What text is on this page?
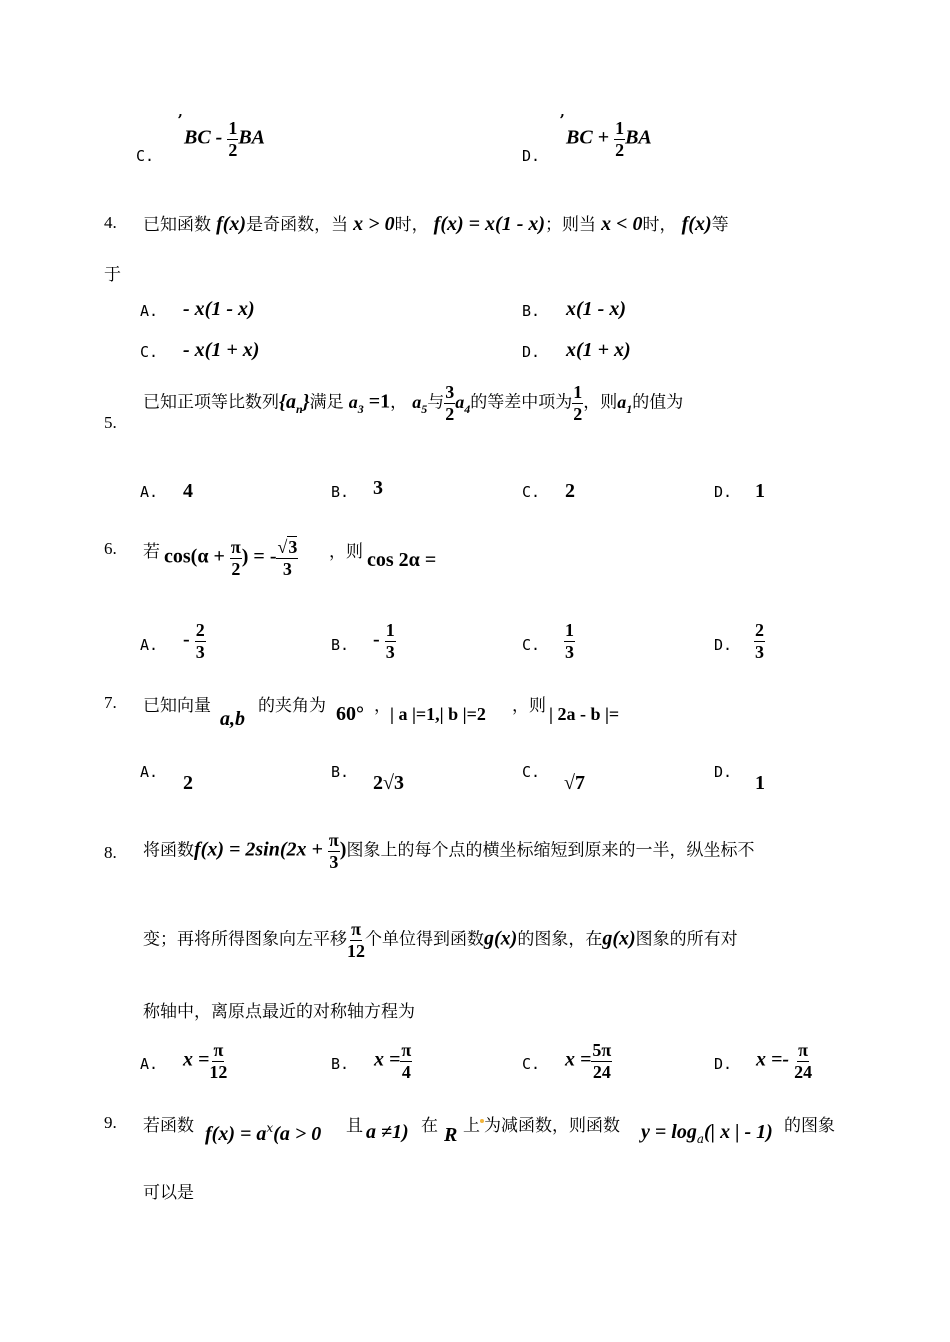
,
C.
BC - $\frac{1}{2}$ BA
,
D.
BC + $\frac{1}{2}$ BA
4. 已知函数 f(x)是奇函数，当 x > 0时， f(x) = x(1 - x)；则当 x < 0时， f(x)等
于
A. - x(1 - x)	B. x(1 - x)
C. - x(1 + x)	D. x(1 + x)
5.
已知正项等比数列$\{a_n\}$满足 $a_3 =1$， $a_5$与 $\frac{3}{2} a_4$的等差中项为 $\frac{1}{2}$ ，则$a_1$的值为
A. 4	B. 3	C. 2	D. 1
6. 若 $\cos(\alpha + \frac{\pi}{2}$ ) = - $\frac{√3}{3}$ ，则 cos 2α =
A. - $\frac{2}{3}$	B. - $\frac{1}{3}$	C. $\frac{1}{3}$	D. $\frac{2}{3}$
7. 已知向量
a,b
的夹角为 60° ， | a |=1,| b |=2 ，则 | 2a - b |=
A. 2	B. 2√3	C. √7	D. 1
8. 将函数$f(x) = 2\sin(2x + \frac{\pi}{3}$ )图象上的每个点的横坐标缩短到原来的一半，纵坐标不
变；再将所得图象向左平移 $\frac{\pi}{12}$ 个单位得到函数g(x)的图象，在g(x)图象的所有对
称轴中，离原点最近的对称轴方程为
A. $x = \frac{\pi}{12}$	B. $x = \frac{\pi}{4}$	C. $x = \frac{5\pi}{24}$	D. $x =- \frac{\pi}{24}$
9. 若函数 $f(x) = a^x(a > 0$ 且 a ≠1) 在 R 上 为减函数，则函数 $y = \log_a(|$ x | - 1) 的图象
可以是
